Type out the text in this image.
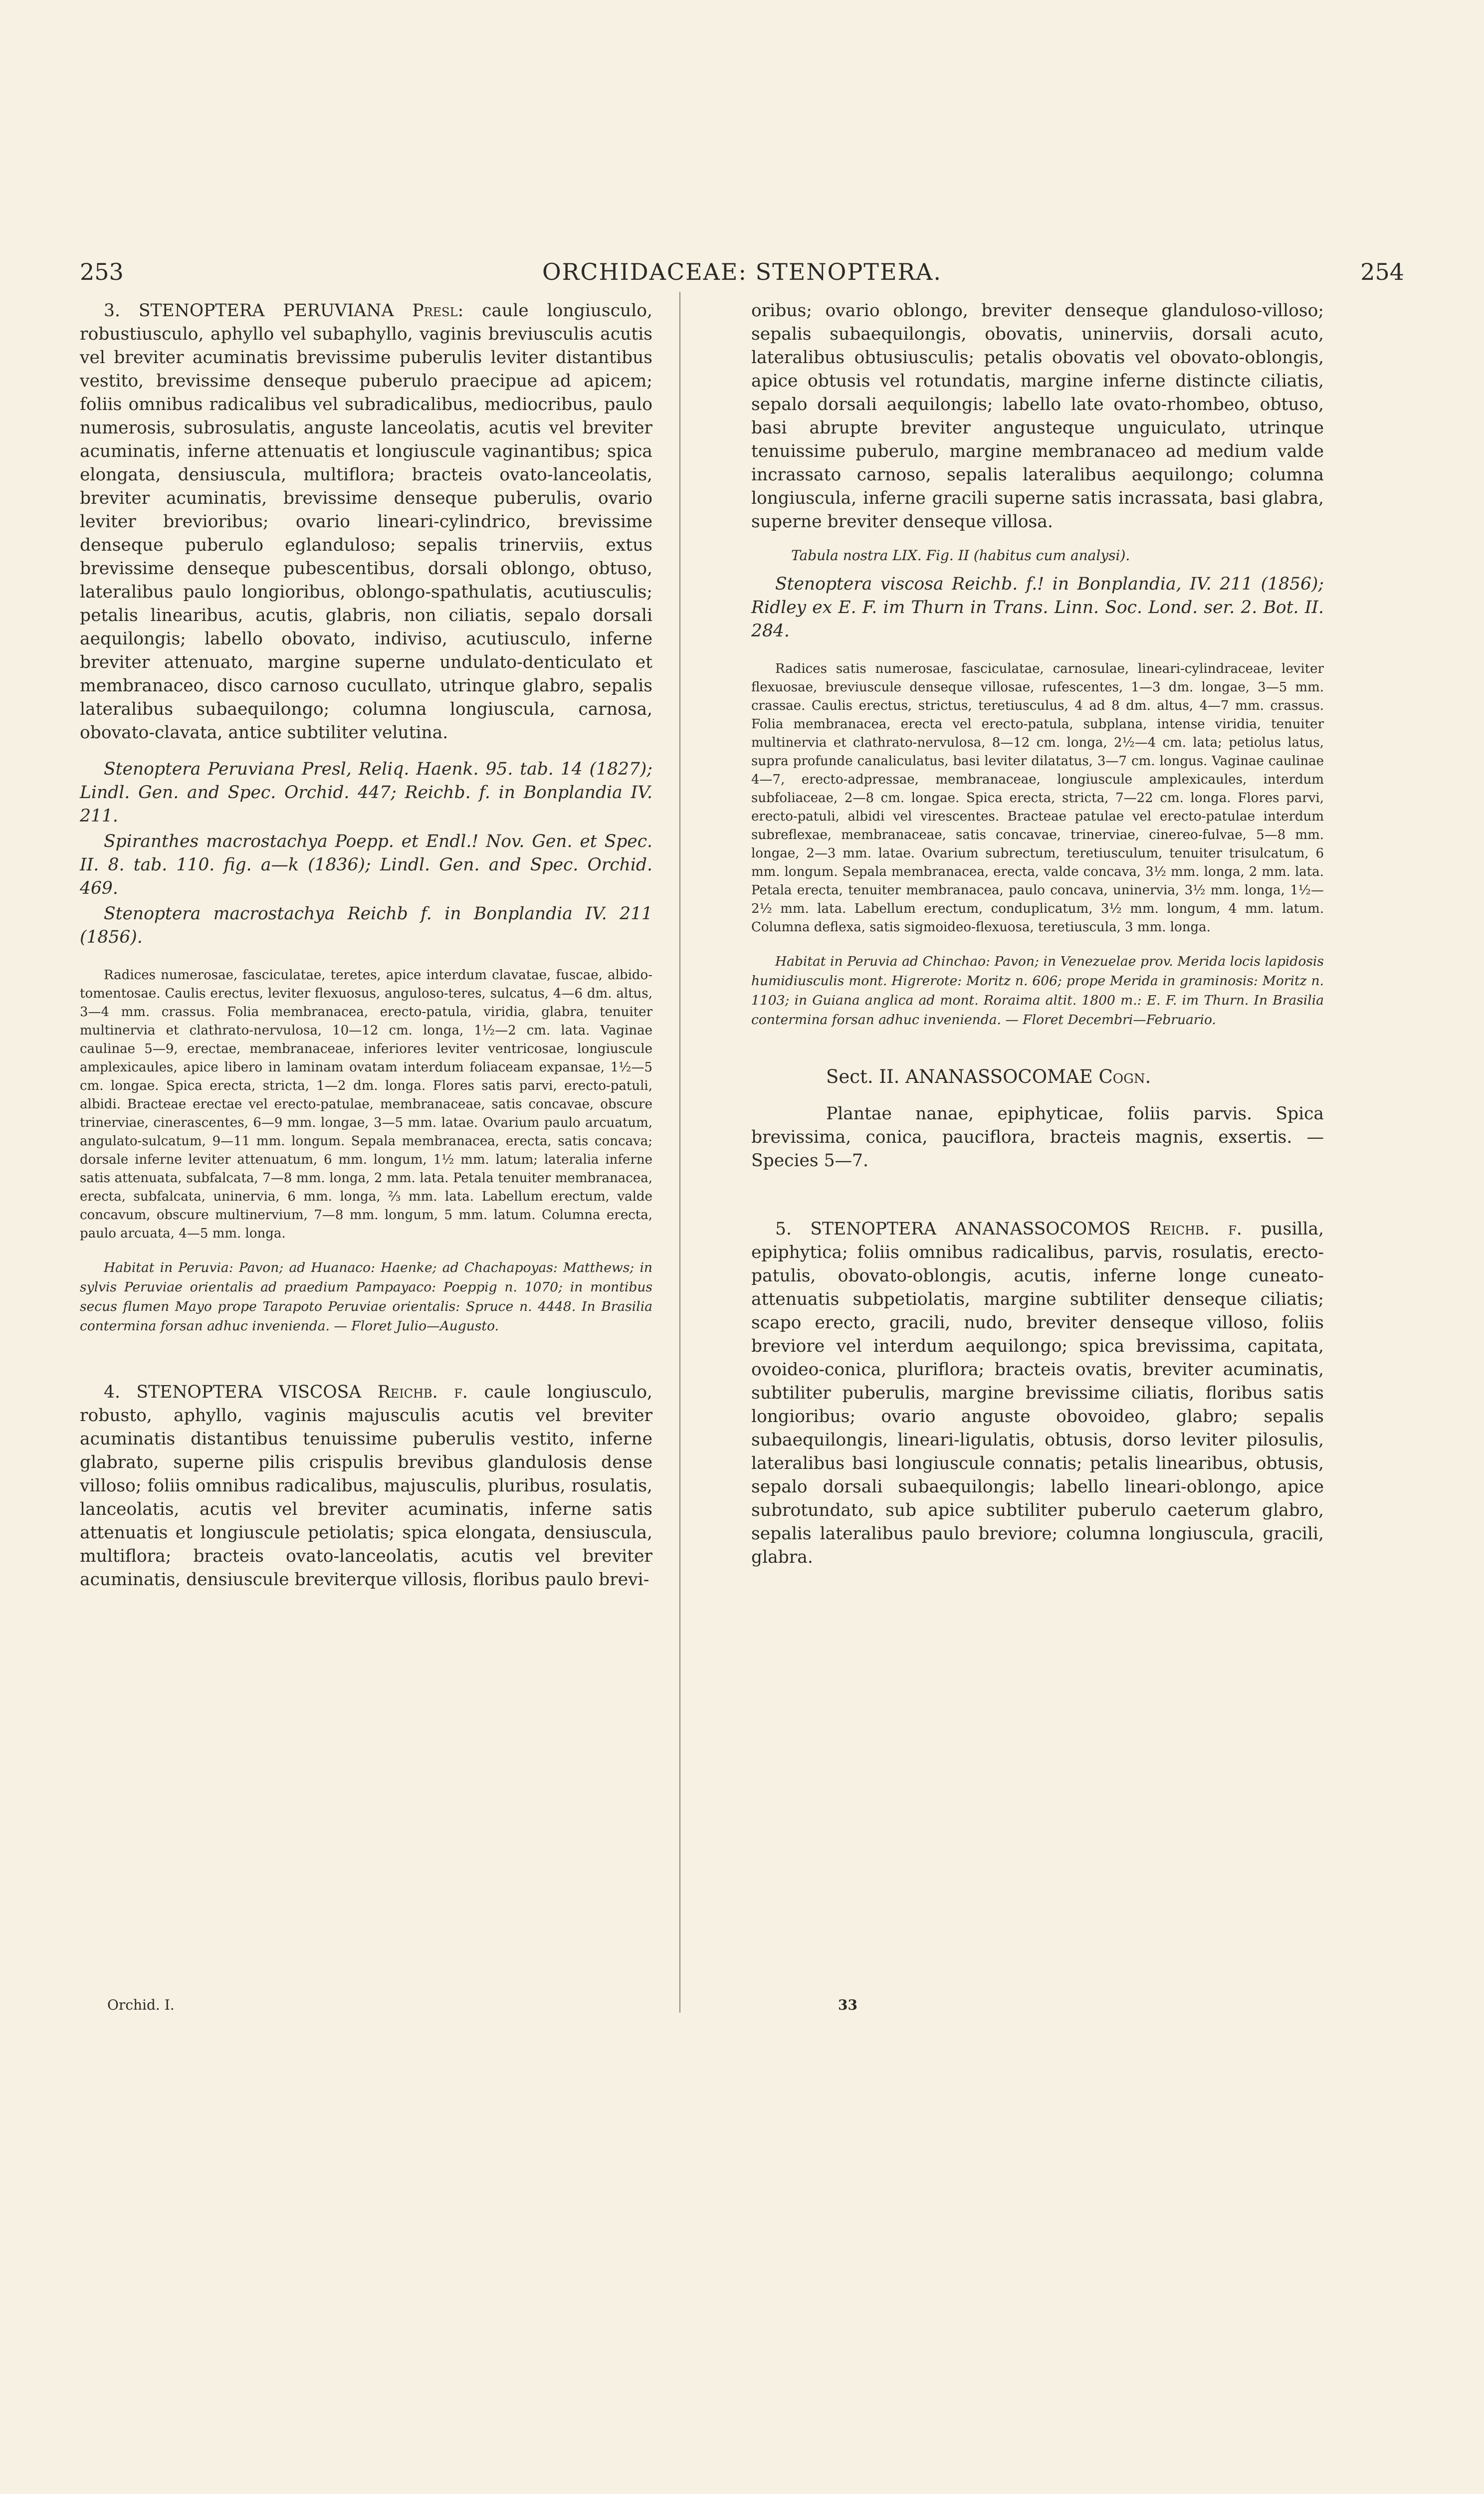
253	ORCHIDACEAE: STENOPTERA.	254

3. STENOPTERA PERUVIANA Presl: caule longiusculo, robustiusculo, aphyllo vel subaphyllo, vaginis breviusculis acutis vel breviter acuminatis brevissime puberulis leviter distantibus vestito, brevissime denseque puberulo praecipue ad apicem; foliis omnibus radicalibus vel subradicalibus, mediocribus, paulo numerosis, subrosulatis, anguste lanceolatis, acutis vel breviter acuminatis, inferne attenuatis et longiuscule vaginantibus; spica elongata, densiuscula, multiflora; bracteis ovato-lanceolatis, breviter acuminatis, brevissime denseque puberulis, ovario leviter brevioribus; ovario lineari-cylindrico, brevissime denseque puberulo eglanduloso; sepalis trinerviis, extus brevissime denseque pubescentibus, dorsali oblongo, obtuso, lateralibus paulo longioribus, oblongo-spathulatis, acutiusculis; petalis linearibus, acutis, glabris, non ciliatis, sepalo dorsali aequilongis; labello obovato, indiviso, acutiusculo, inferne breviter attenuato, margine superne undulato-denticulato et membranaceo, disco carnoso cucullato, utrinque glabro, sepalis lateralibus subaequilongo; columna longiuscula, carnosa, obovato-clavata, antice subtiliter velutina.

Stenoptera Peruviana Presl, Reliq. Haenk. 95. tab. 14 (1827); Lindl. Gen. and Spec. Orchid. 447; Reichb. f. in Bonplandia IV. 211.

Spiranthes macrostachya Poepp. et Endl.! Nov. Gen. et Spec. II. 8. tab. 110. fig. a—k (1836); Lindl. Gen. and Spec. Orchid. 469.

Stenoptera macrostachya Reichb f. in Bonplandia IV. 211 (1856).

Radices numerosae, fasciculatae, teretes, apice interdum clavatae, fuscae, albido-tomentosae. Caulis erectus, leviter flexuosus, anguloso-teres, sulcatus, 4—6 dm. altus, 3—4 mm. crassus. Folia membranacea, erecto-patula, viridia, glabra, tenuiter multinervia et clathrato-nervulosa, 10—12 cm. longa, 1½—2 cm. lata. Vaginae caulinae 5—9, erectae, membranaceae, inferiores leviter ventricosae, longiuscule amplexicaules, apice libero in laminam ovatam interdum foliaceam expansae, 1½—5 cm. longae. Spica erecta, stricta, 1—2 dm. longa. Flores satis parvi, erecto-patuli, albidi. Bracteae erectae vel erecto-patulae, membranaceae, satis concavae, obscure trinerviae, cinerascentes, 6—9 mm. longae, 3—5 mm. latae. Ovarium paulo arcuatum, angulato-sulcatum, 9—11 mm. longum. Sepala membranacea, erecta, satis concava; dorsale inferne leviter attenuatum, 6 mm. longum, 1½ mm. latum; lateralia inferne satis attenuata, subfalcata, 7—8 mm. longa, 2 mm. lata. Petala tenuiter membranacea, erecta, subfalcata, uninervia, 6 mm. longa, ⅔ mm. lata. Labellum erectum, valde concavum, obscure multinervium, 7—8 mm. longum, 5 mm. latum. Columna erecta, paulo arcuata, 4—5 mm. longa.

Habitat in Peruvia: Pavon; ad Huanaco: Haenke; ad Chachapoyas: Matthews; in sylvis Peruviae orientalis ad praedium Pampayaco: Poeppig n. 1070; in montibus secus flumen Mayo prope Tarapoto Peruviae orientalis: Spruce n. 4448. In Brasilia contermina forsan adhuc invenienda. — Floret Julio—Augusto.

4. STENOPTERA VISCOSA Reichb. f. caule longiusculo, robusto, aphyllo, vaginis majusculis acutis vel breviter acuminatis distantibus tenuissime puberulis vestito, inferne glabrato, superne pilis crispulis brevibus glandulosis dense villoso; foliis omnibus radicalibus, majusculis, pluribus, rosulatis, lanceolatis, acutis vel breviter acuminatis, inferne satis attenuatis et longiuscule petiolatis; spica elongata, densiuscula, multiflora; bracteis ovato-lanceolatis, acutis vel breviter acuminatis, densiuscule breviterque villosis, floribus paulo brevi-

oribus; ovario oblongo, breviter denseque glanduloso-villoso; sepalis subaequilongis, obovatis, uninerviis, dorsali acuto, lateralibus obtusiusculis; petalis obovatis vel obovato-oblongis, apice obtusis vel rotundatis, margine inferne distincte ciliatis, sepalo dorsali aequilongis; labello late ovato-rhombeo, obtuso, basi abrupte breviter angusteque unguiculato, utrinque tenuissime puberulo, margine membranaceo ad medium valde incrassato carnoso, sepalis lateralibus aequilongo; columna longiuscula, inferne gracili superne satis incrassata, basi glabra, superne breviter denseque villosa.

Tabula nostra LIX. Fig. II (habitus cum analysi).

Stenoptera viscosa Reichb. f.! in Bonplandia, IV. 211 (1856); Ridley ex E. F. im Thurn in Trans. Linn. Soc. Lond. ser. 2. Bot. II. 284.

Radices satis numerosae, fasciculatae, carnosulae, lineari-cylindraceae, leviter flexuosae, breviuscule denseque villosae, rufescentes, 1—3 dm. longae, 3—5 mm. crassae. Caulis erectus, strictus, teretiusculus, 4 ad 8 dm. altus, 4—7 mm. crassus. Folia membranacea, erecta vel erecto-patula, subplana, intense viridia, tenuiter multinervia et clathrato-nervulosa, 8—12 cm. longa, 2½—4 cm. lata; petiolus latus, supra profunde canaliculatus, basi leviter dilatatus, 3—7 cm. longus. Vaginae caulinae 4—7, erecto-adpressae, membranaceae, longiuscule amplexicaules, interdum subfoliaceae, 2—8 cm. longae. Spica erecta, stricta, 7—22 cm. longa. Flores parvi, erecto-patuli, albidi vel virescentes. Bracteae patulae vel erecto-patulae interdum subreflexae, membranaceae, satis concavae, trinerviae, cinereo-fulvae, 5—8 mm. longae, 2—3 mm. latae. Ovarium subrectum, teretiusculum, tenuiter trisulcatum, 6 mm. longum. Sepala membranacea, erecta, valde concava, 3½ mm. longa, 2 mm. lata. Petala erecta, tenuiter membranacea, paulo concava, uninervia, 3½ mm. longa, 1½—2½ mm. lata. Labellum erectum, conduplicatum, 3½ mm. longum, 4 mm. latum. Columna deflexa, satis sigmoideo-flexuosa, teretiuscula, 3 mm. longa.

Habitat in Peruvia ad Chinchao: Pavon; in Venezuelae prov. Merida locis lapidosis humidiusculis mont. Higrerote: Moritz n. 606; prope Merida in graminosis: Moritz n. 1103; in Guiana anglica ad mont. Roraima altit. 1800 m.: E. F. im Thurn. In Brasilia contermina forsan adhuc invenienda. — Floret Decembri—Februario.

Sect. II. ANANASSOCOMAE Cogn.

Plantae nanae, epiphyticae, foliis parvis. Spica brevissima, conica, pauciflora, bracteis magnis, exsertis. — Species 5—7.

5. STENOPTERA ANANASSOCOMOS Reichb. f. pusilla, epiphytica; foliis omnibus radicalibus, parvis, rosulatis, erecto-patulis, obovato-oblongis, acutis, inferne longe cuneato-attenuatis subpetiolatis, margine subtiliter denseque ciliatis; scapo erecto, gracili, nudo, breviter denseque villoso, foliis breviore vel interdum aequilongo; spica brevissima, capitata, ovoideo-conica, pluriflora; bracteis ovatis, breviter acuminatis, subtiliter puberulis, margine brevissime ciliatis, floribus satis longioribus; ovario anguste obovoideo, glabro; sepalis subaequilongis, lineari-ligulatis, obtusis, dorso leviter pilosulis, lateralibus basi longiuscule connatis; petalis linearibus, obtusis, sepalo dorsali subaequilongis; labello lineari-oblongo, apice subrotundato, sub apice subtiliter puberulo caeterum glabro, sepalis lateralibus paulo breviore; columna longiuscula, gracili, glabra.

Orchid. I.	33
